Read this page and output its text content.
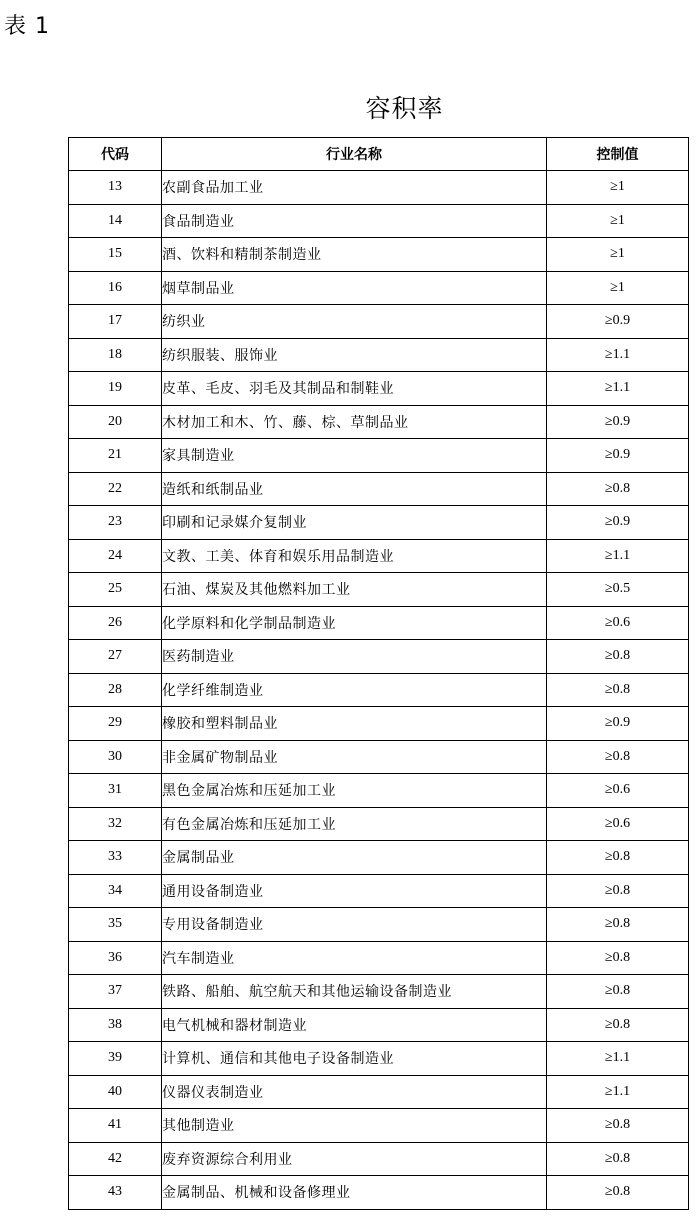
表 1
容积率
代码	行业名称	控制值
13	农副食品加工业	≥1
14	食品制造业	≥1
15	酒、饮料和精制茶制造业	≥1
16	烟草制品业	≥1
17	纺织业	≥0.9
18	纺织服装、服饰业	≥1.1
19	皮革、毛皮、羽毛及其制品和制鞋业	≥1.1
20	木材加工和木、竹、藤、棕、草制品业	≥0.9
21	家具制造业	≥0.9
22	造纸和纸制品业	≥0.8
23	印刷和记录媒介复制业	≥0.9
24	文教、工美、体育和娱乐用品制造业	≥1.1
25	石油、煤炭及其他燃料加工业	≥0.5
26	化学原料和化学制品制造业	≥0.6
27	医药制造业	≥0.8
28	化学纤维制造业	≥0.8
29	橡胶和塑料制品业	≥0.9
30	非金属矿物制品业	≥0.8
31	黑色金属冶炼和压延加工业	≥0.6
32	有色金属冶炼和压延加工业	≥0.6
33	金属制品业	≥0.8
34	通用设备制造业	≥0.8
35	专用设备制造业	≥0.8
36	汽车制造业	≥0.8
37	铁路、船舶、航空航天和其他运输设备制造业	≥0.8
38	电气机械和器材制造业	≥0.8
39	计算机、通信和其他电子设备制造业	≥1.1
40	仪器仪表制造业	≥1.1
41	其他制造业	≥0.8
42	废弃资源综合利用业	≥0.8
43	金属制品、机械和设备修理业	≥0.8
